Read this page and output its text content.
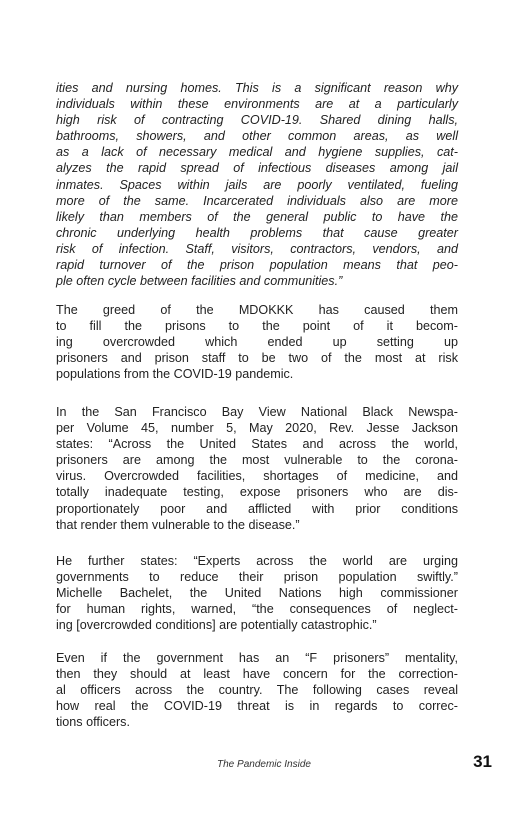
ities and nursing homes. This is a significant reason why
individuals within these environments are at a particularly
high risk of contracting COVID-19. Shared dining halls,
bathrooms, showers, and other common areas, as well
as a lack of necessary medical and hygiene supplies, cat-
alyzes the rapid spread of infectious diseases among jail
inmates. Spaces within jails are poorly ventilated, fueling
more of the same. Incarcerated individuals also are more
likely than members of the general public to have the
chronic underlying health problems that cause greater
risk of infection. Staff, visitors, contractors, vendors, and
rapid turnover of the prison population means that peo-
ple often cycle between facilities and communities.”
The greed of the MDOKKK has caused them
to fill the prisons to the point of it becom-
ing overcrowded which ended up setting up
prisoners and prison staff to be two of the most at risk
populations from the COVID-19 pandemic.
In the San Francisco Bay View National Black Newspa-
per Volume 45, number 5, May 2020, Rev. Jesse Jackson
states: “Across the United States and across the world,
prisoners are among the most vulnerable to the corona-
virus. Overcrowded facilities, shortages of medicine, and
totally inadequate testing, expose prisoners who are dis-
proportionately poor and afflicted with prior conditions
that render them vulnerable to the disease.”
He further states: “Experts across the world are urging
governments to reduce their prison population swiftly.”
Michelle Bachelet, the United Nations high commissioner
for human rights, warned, “the consequences of neglect-
ing [overcrowded conditions] are potentially catastrophic.”
Even if the government has an “F prisoners” mentality,
then they should at least have concern for the correction-
al officers across the country. The following cases reveal
how real the COVID-19 threat is in regards to correc-
tions officers.
The Pandemic Inside	31
